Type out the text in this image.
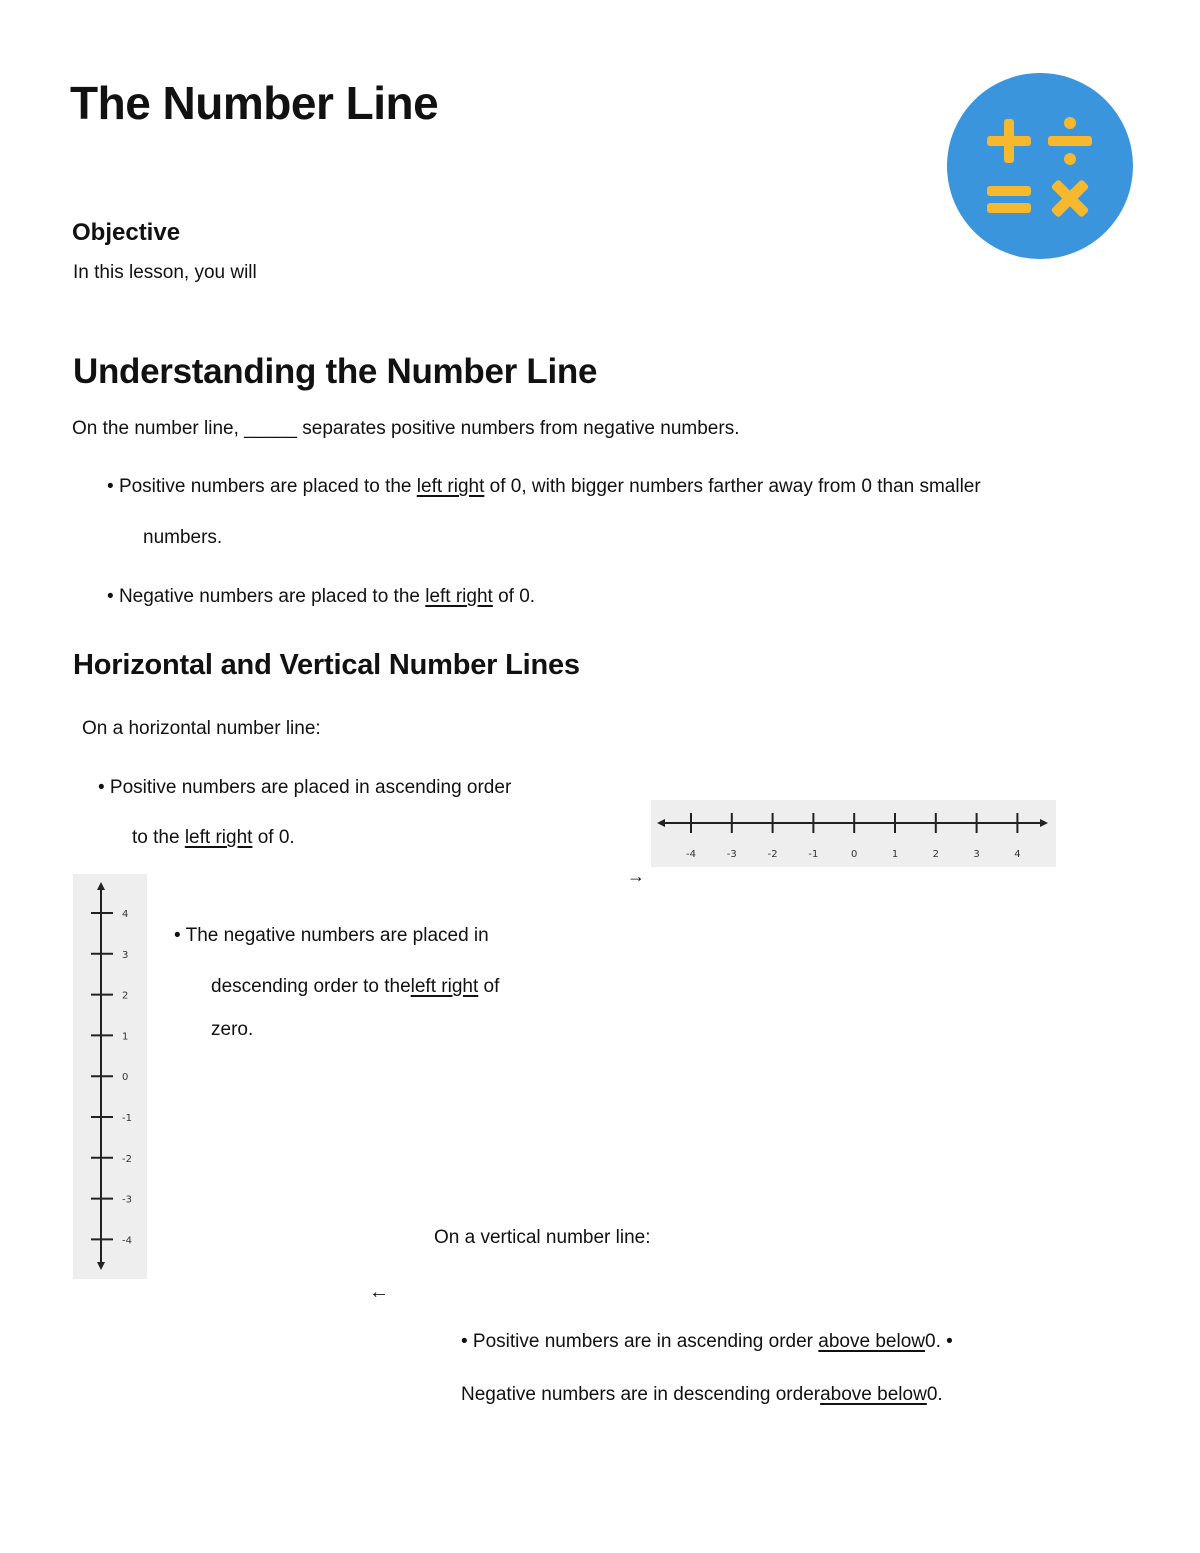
The Number Line
Objective
In this lesson, you will
Understanding the Number Line
On the number line, _____ separates positive numbers from negative numbers.
• Positive numbers are placed to the left right of 0, with bigger numbers farther away from 0 than smaller
numbers.
• Negative numbers are placed to the left right of 0.
Horizontal and Vertical Number Lines
On a horizontal number line:
• Positive numbers are placed in ascending order
to the left right of 0.
-4	-3	-2	-1	0	1	2	3	4
→
4
3
2
1
0
-1
-2
-3
-4
• The negative numbers are placed in
descending order to theleft right of
zero.
On a vertical number line:
←
• Positive numbers are in ascending order above below0. •
Negative numbers are in descending orderabove below0.
